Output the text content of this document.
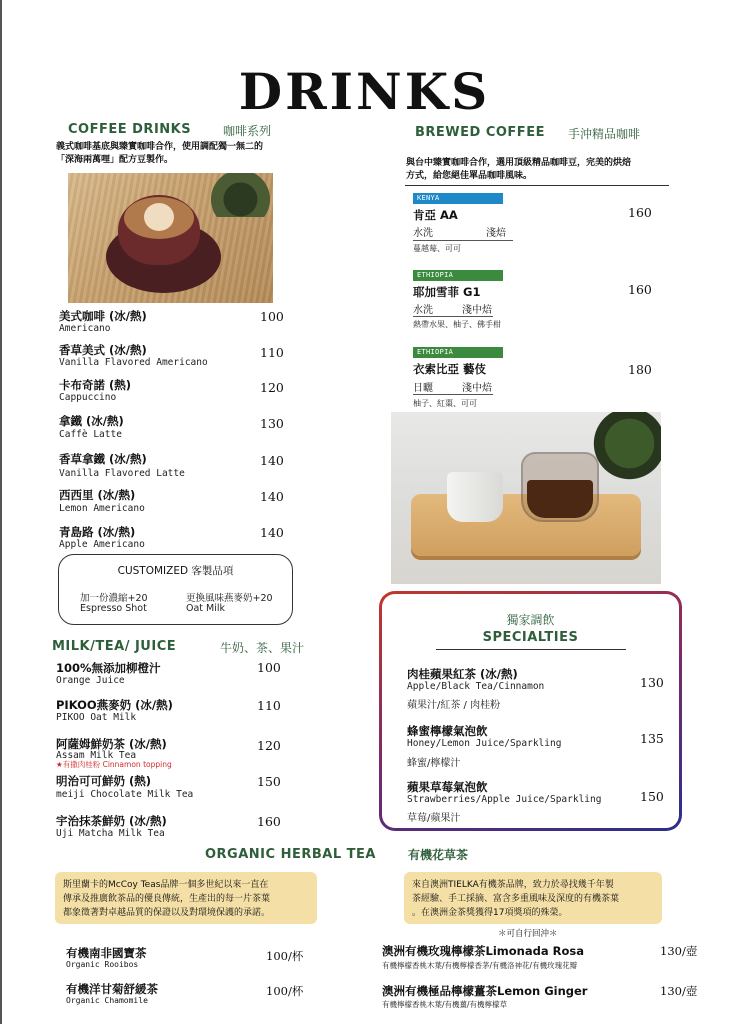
DRINKS
COFFEE DRINKS	咖啡系列
義式咖啡基底與臻實咖啡合作，使用調配獨一無二的
「深海兩萬哩」配方豆製作。
美式咖啡 (冰/熱)
Americano
100
香草美式 (冰/熱)
Vanilla Flavored Americano
110
卡布奇諾 (熱)
Cappuccino
120
拿鐵 (冰/熱)
Caffè Latte
130
香草拿鐵 (冰/熱)
Vanilla Flavored Latte
140
西西里 (冰/熱)
Lemon Americano
140
青島路 (冰/熱)
Apple Americano
140
CUSTOMIZED 客製品項
加一份濃縮+20
Espresso Shot
更換風味燕麥奶+20
Oat Milk
MILK/TEA/ JUICE	牛奶、茶、果汁
100%無添加柳橙汁
Orange Juice
100
PIKOO燕麥奶 (冰/熱)
PIKOO Oat Milk
110
阿薩姆鮮奶茶 (冰/熱)
Assam Milk Tea
★有撒肉桂粉 Cinnamon topping
120
明治可可鮮奶 (熱)
meiji Chocolate Milk Tea
150
宇治抹茶鮮奶 (冰/熱)
Uji Matcha Milk Tea
160
BREWED COFFEE 手沖精品咖啡
與台中臻實咖啡合作，選用頂級精品咖啡豆，完美的烘焙
方式，給您絕佳單品咖啡風味。
KENYA
肯亞 AA	160
水洗	淺焙
蔓越莓、可可
ETHIOPIA
耶加雪菲 G1	160
水洗	淺中焙
熱帶水果、柚子、佛手柑
ETHIOPIA
衣索比亞 藝伎	180
日曬	淺中焙
柚子、紅棗、可可
獨家調飲
SPECIALTIES
肉桂蘋果紅茶 (冰/熱)
Apple/Black Tea/Cinnamon
蘋果汁/紅茶 / 肉桂粉
130
蜂蜜檸檬氣泡飲
Honey/Lemon Juice/Sparkling
蜂蜜/檸檬汁
135
蘋果草莓氣泡飲
Strawberries/Apple Juice/Sparkling
草莓/蘋果汁
150
ORGANIC HERBAL TEA	有機花草茶
斯里蘭卡的McCoy Teas品牌一個多世紀以來一直在
傳承及推廣飲茶品的優良傳統，生產出的每一片茶葉
都象徵著對卓越品質的保證以及對環境保護的承諾。
來自澳洲TIELKA有機茶品牌，致力於尋找幾千年製
茶經驗、手工採摘、富含多重風味及深度的有機茶葉
。在澳洲金茶獎獲得17項獎項的殊榮。
＊可自行回沖＊
有機南非國寶茶
Organic Rooibos
100/杯
有機洋甘菊舒緩茶
Organic Chamomile
100/杯
澳洲有機玫瑰檸檬茶Limonada Rosa
有機檸檬香桃木葉/有機檸檬香茅/有機洛神花/有機玫瑰花瓣
130/壺
澳洲有機極品檸檬薑茶Lemon Ginger
有機檸檬香桃木葉/有機薑/有機檸檬草
130/壺
